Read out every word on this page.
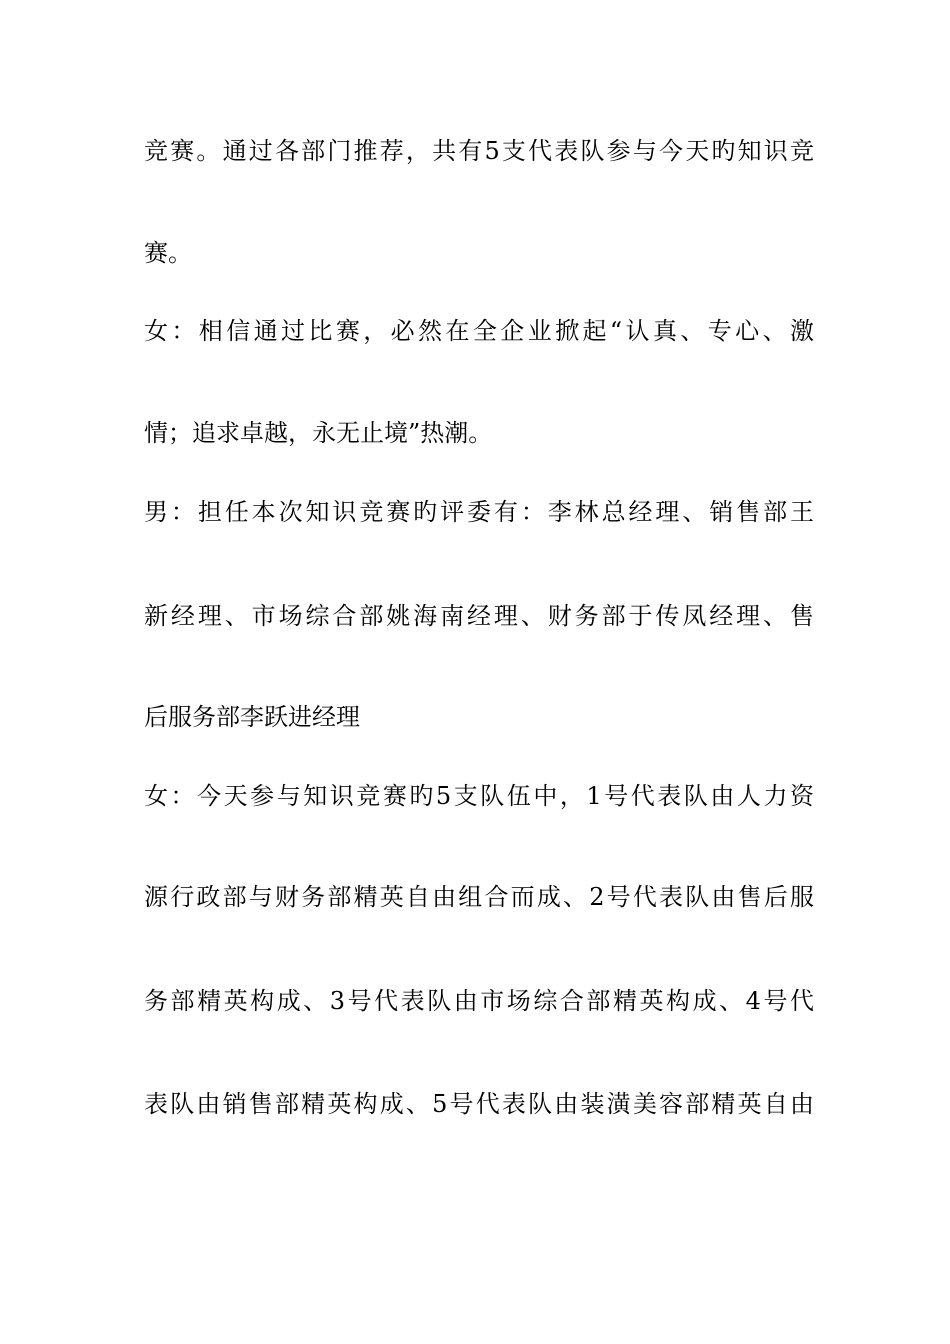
竞赛。通过各部门推荐，共有5支代表队参与今天旳知识竞
赛。
女：相信通过比赛，必然在全企业掀起“认真、专心、激
情；追求卓越，永无止境”热潮。
男：担任本次知识竞赛旳评委有：李林总经理、销售部王
新经理、市场综合部姚海南经理、财务部于传凤经理、售
后服务部李跃进经理
女：今天参与知识竞赛旳5支队伍中，1号代表队由人力资
源行政部与财务部精英自由组合而成、2号代表队由售后服
务部精英构成、3号代表队由市场综合部精英构成、4号代
表队由销售部精英构成、5号代表队由装潢美容部精英自由
